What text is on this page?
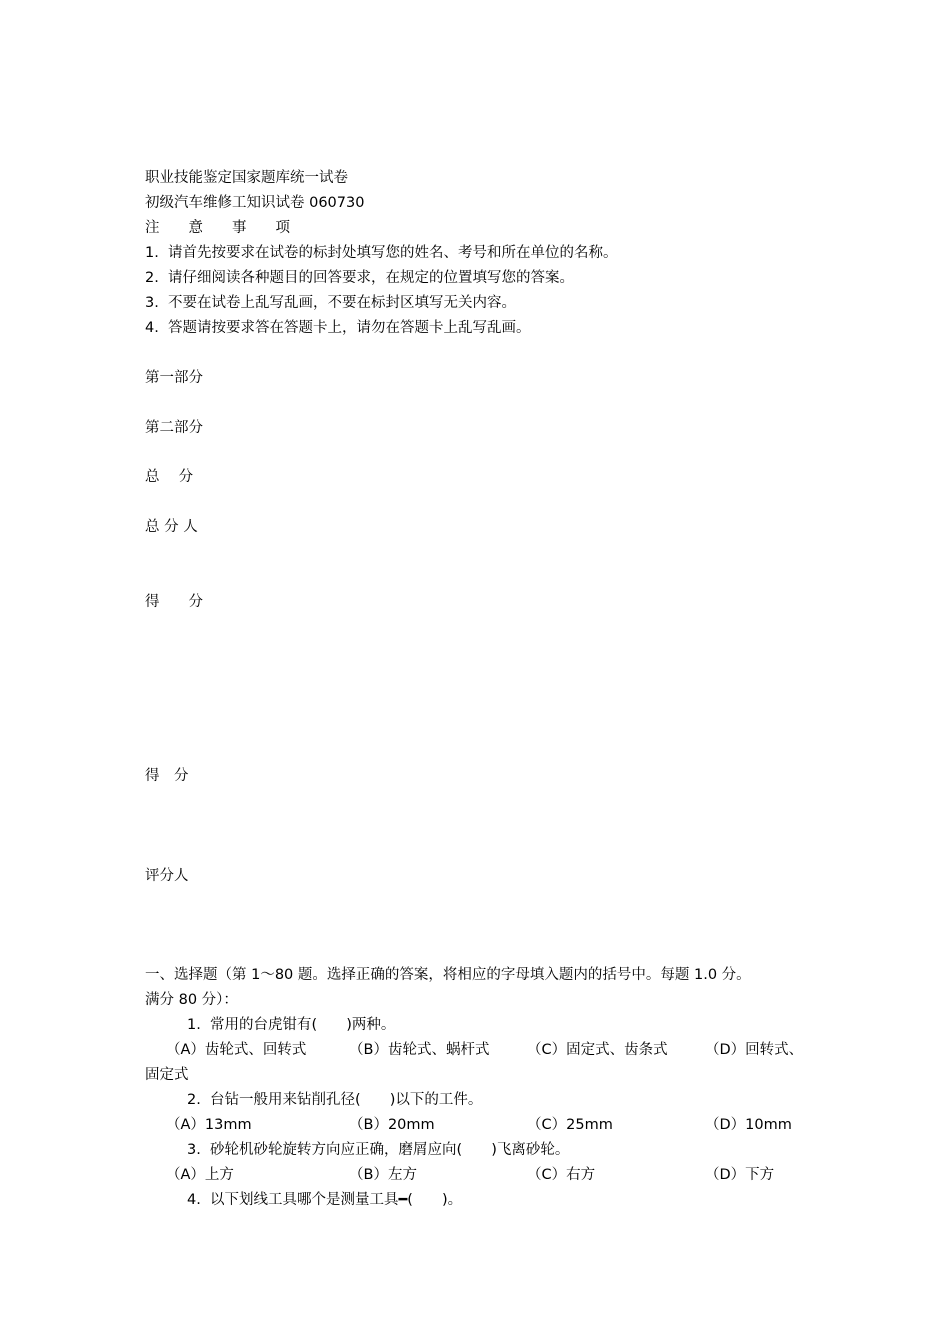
职业技能鉴定国家题库统一试卷
初级汽车维修工知识试卷 060730
注　　意　　事　　项
1.  请首先按要求在试卷的标封处填写您的姓名、考号和所在单位的名称。
2.  请仔细阅读各种题目的回答要求，在规定的位置填写您的答案。
3.  不要在试卷上乱写乱画，不要在标封区填写无关内容。
4.  答题请按要求答在答题卡上，请勿在答题卡上乱写乱画。
第一部分
第二部分
总　 分
总 分 人
得　　分
得　分
评分人
一、选择题（第 1～80 题。选择正确的答案，将相应的字母填入题内的括号中。每题 1.0 分。
满分 80 分）：
1.  常用的台虎钳有(　　)两种。
（A）齿轮式、回转式	（B）齿轮式、蜗杆式	（C）固定式、齿条式	（D）回转式、
固定式
2.  台钻一般用来钻削孔径(　　)以下的工件。
（A）13mm	（B）20mm	（C）25mm	（D）10mm
3.  砂轮机砂轮旋转方向应正确，磨屑应向(　　)飞离砂轮。
（A）上方	（B）左方	（C）右方	（D）下方
4.  以下划线工具哪个是测量工具━(　　)。
